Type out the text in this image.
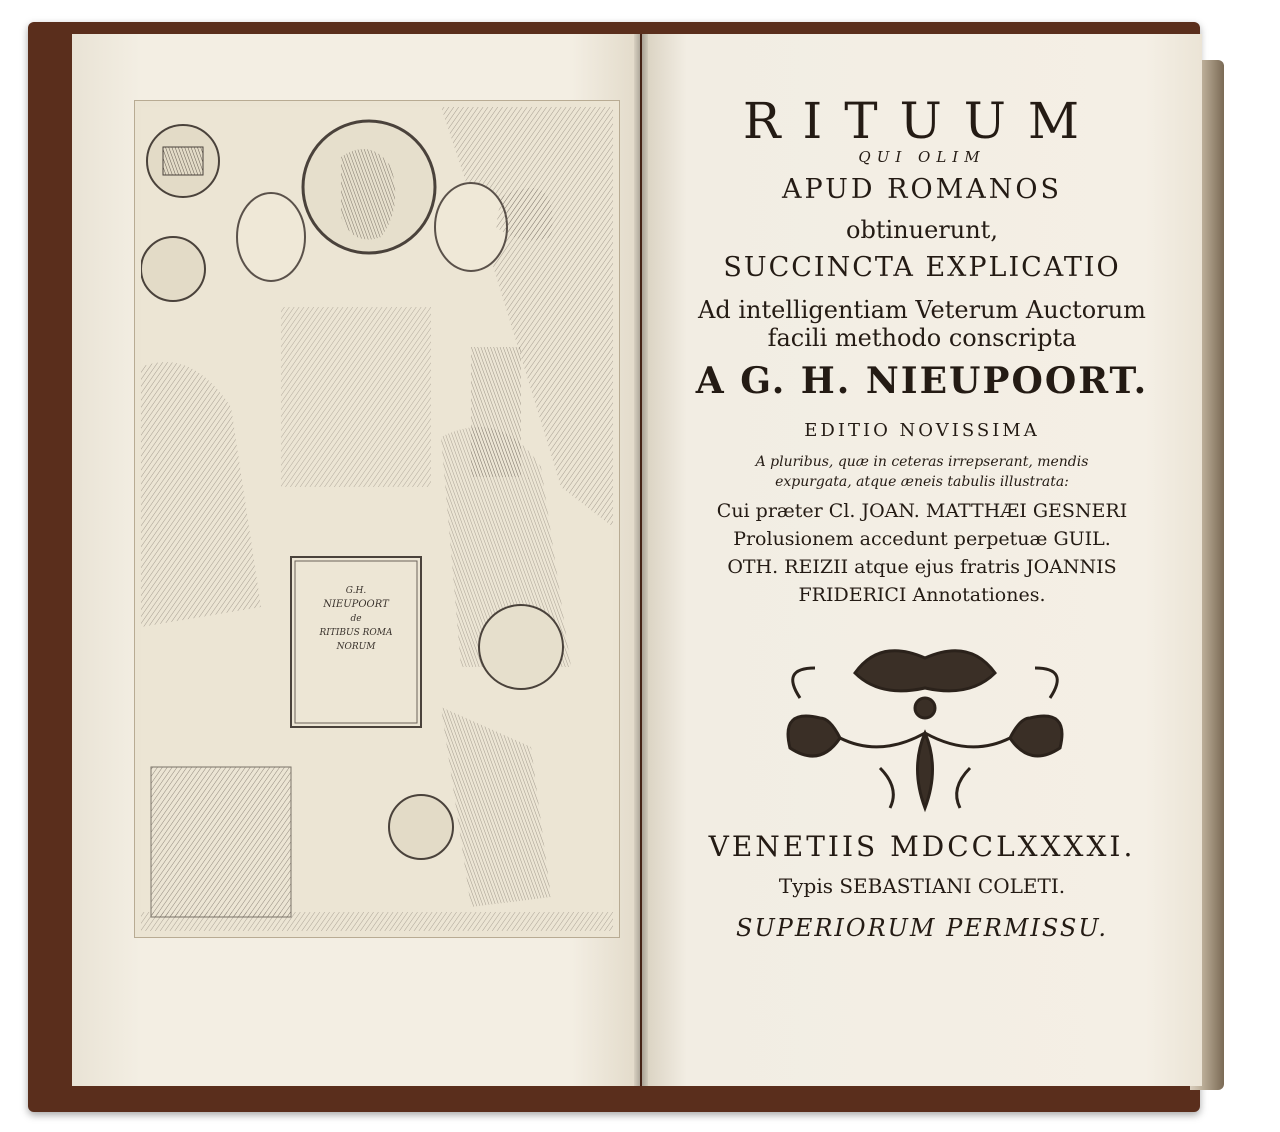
G.H.
NIEUPOORT
de
RITIBUS ROMA
NORUM
RITUUM
QUI OLIM
APUD ROMANOS
obtinuerunt,
SUCCINCTA EXPLICATIO
Ad intelligentiam Veterum Auctorum
facili methodo conscripta
A G. H. NIEUPOORT.
EDITIO NOVISSIMA
A pluribus, quæ in ceteras irrepserant, mendis
expurgata, atque æneis tabulis illustrata:
Cui præter Cl. JOAN. MATTHÆI GESNERI
Prolusionem accedunt perpetuæ GUIL.
OTH. REIZII atque ejus fratris JOANNIS
FRIDERICI Annotationes.
VENETIIS MDCCLXXXXI.
Typis SEBASTIANI COLETI.
SUPERIORUM PERMISSU.
